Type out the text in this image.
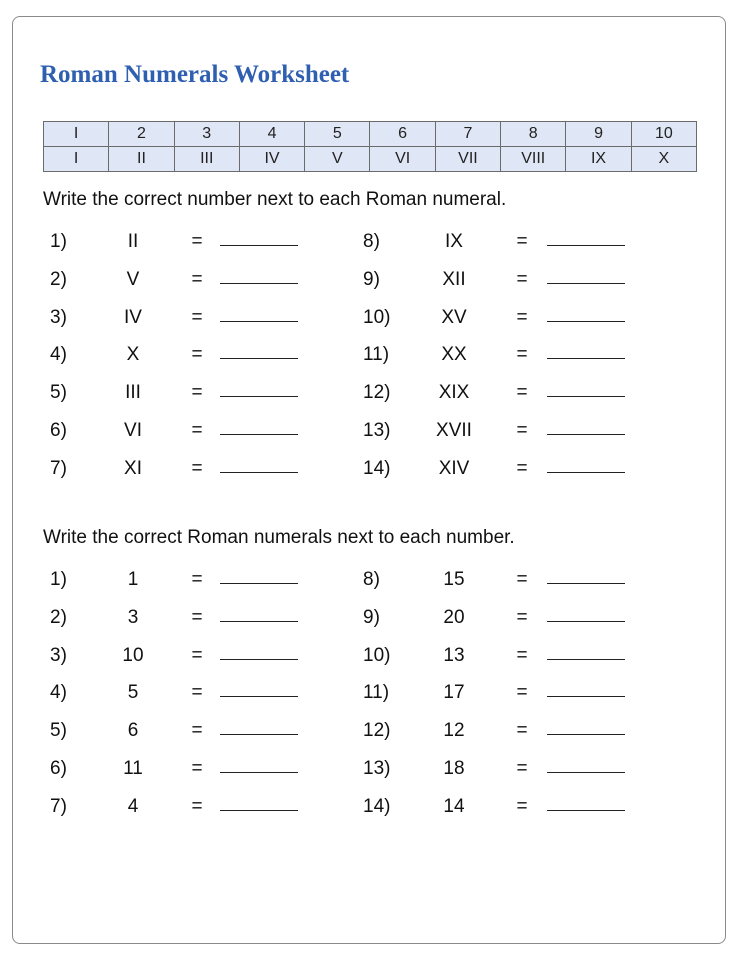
Roman Numerals Worksheet
I	2	3	4	5	6	7	8	9	10
I	II	III	IV	V	VI	VII	VIII	IX	X
Write the correct number next to each Roman numeral.
1)	II	=
2)	V	=
3)	IV	=
4)	X	=
5)	III	=
6)	VI	=
7)	XI	=
8)	IX	=
9)	XII	=
10)	XV	=
11)	XX	=
12)	XIX	=
13)	XVII	=
14)	XIV	=
Write the correct Roman numerals next to each number.
1)	1	=
2)	3	=
3)	10	=
4)	5	=
5)	6	=
6)	11	=
7)	4	=
8)	15	=
9)	20	=
10)	13	=
11)	17	=
12)	12	=
13)	18	=
14)	14	=
